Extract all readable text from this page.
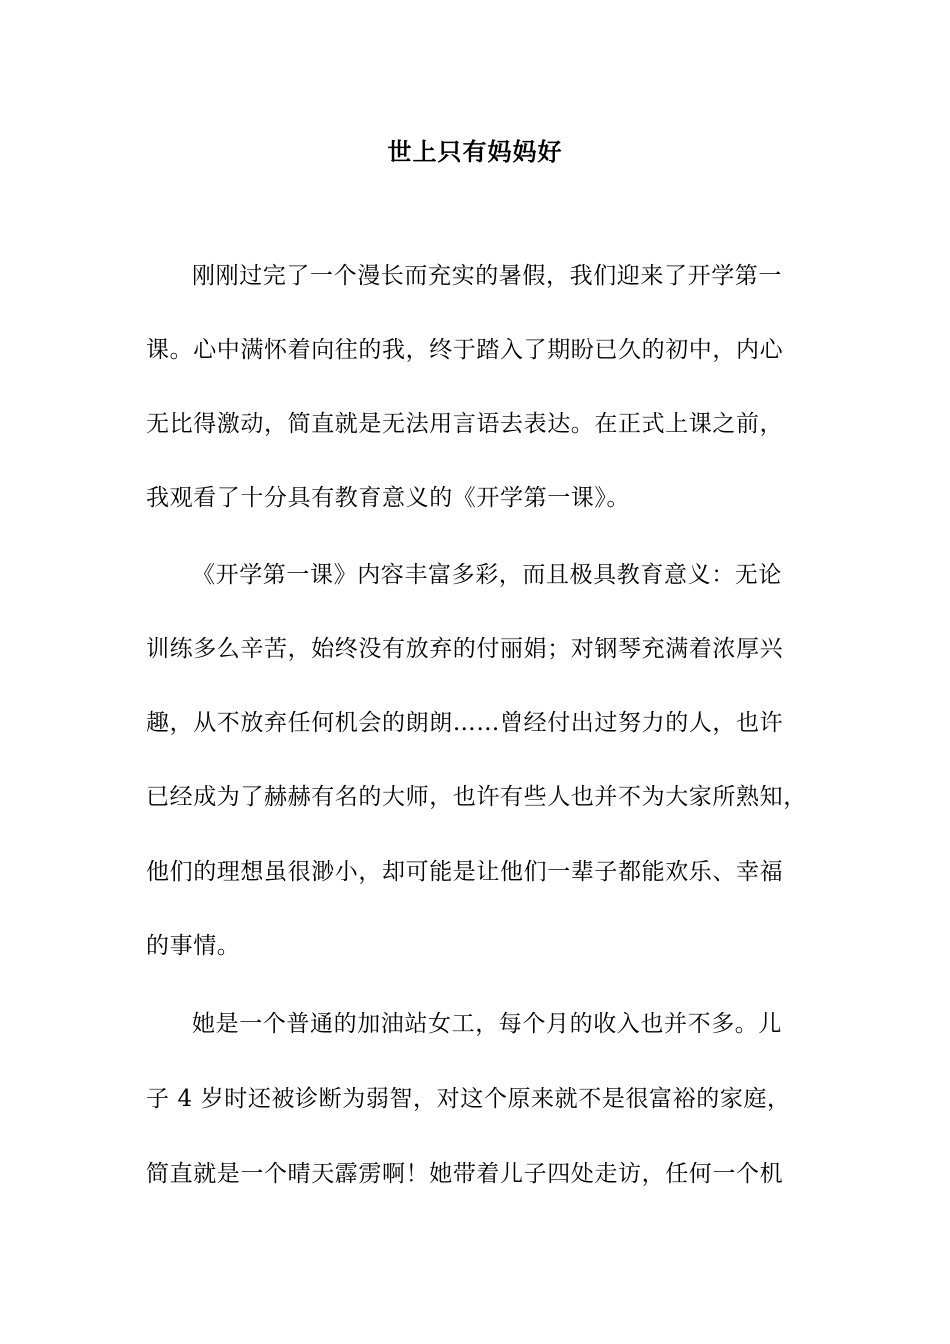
世上只有妈妈好
刚刚过完了一个漫长而充实的暑假，我们迎来了开学第一
课。心中满怀着向往的我，终于踏入了期盼已久的初中，内心
无比得激动，简直就是无法用言语去表达。在正式上课之前，
我观看了十分具有教育意义的《开学第一课》。
《开学第一课》内容丰富多彩，而且极具教育意义：无论
训练多么辛苦，始终没有放弃的付丽娟；对钢琴充满着浓厚兴
趣，从不放弃任何机会的朗朗……曾经付出过努力的人，也许
已经成为了赫赫有名的大师，也许有些人也并不为大家所熟知，
他们的理想虽很渺小，却可能是让他们一辈子都能欢乐、幸福
的事情。
她是一个普通的加油站女工，每个月的收入也并不多。儿
子 4 岁时还被诊断为弱智，对这个原来就不是很富裕的家庭，
简直就是一个晴天霹雳啊！她带着儿子四处走访，任何一个机
